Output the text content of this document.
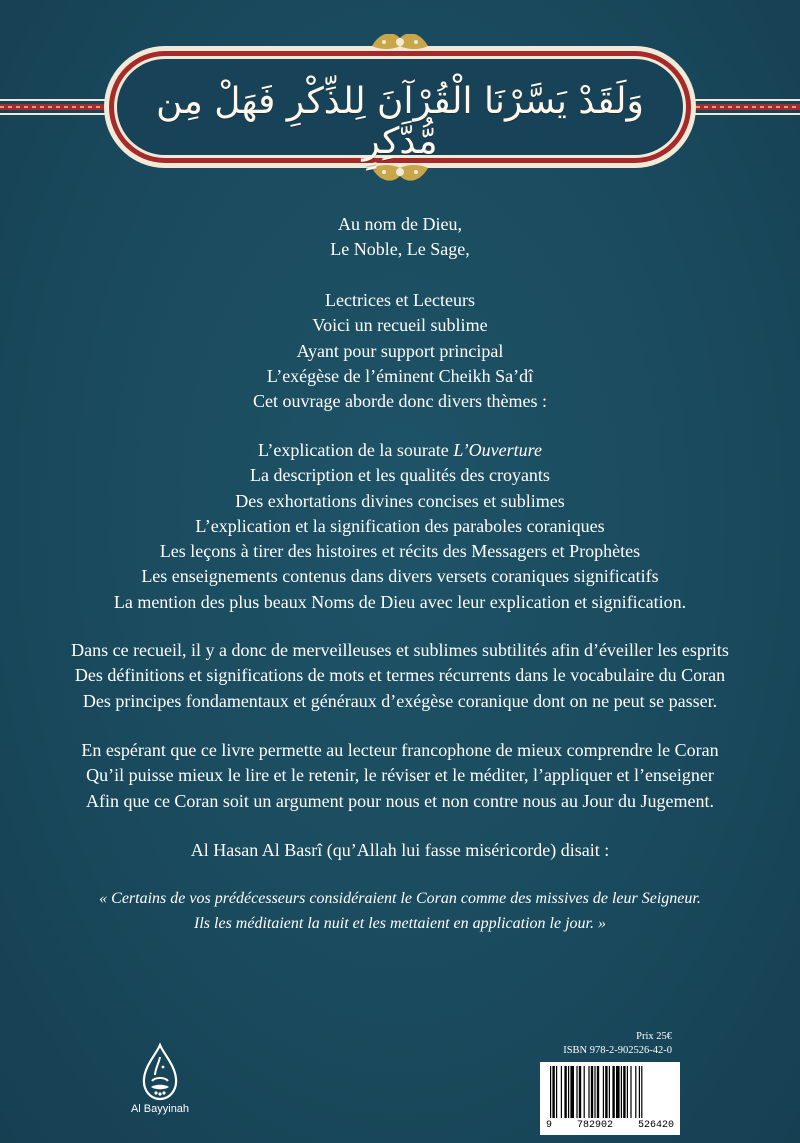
وَلَقَدْ يَسَّرْنَا الْقُرْآنَ لِلذِّكْرِ فَهَلْ مِن مُّدَّكِرٍ
Au nom de Dieu,
Le Noble, Le Sage,
Lectrices et Lecteurs
Voici un recueil sublime
Ayant pour support principal
L’exégèse de l’éminent Cheikh Sa’dî
Cet ouvrage aborde donc divers thèmes :
L’explication de la sourate L’Ouverture
La description et les qualités des croyants
Des exhortations divines concises et sublimes
L’explication et la signification des paraboles coraniques
Les leçons à tirer des histoires et récits des Messagers et Prophètes
Les enseignements contenus dans divers versets coraniques significatifs
La mention des plus beaux Noms de Dieu avec leur explication et signification.
Dans ce recueil, il y a donc de merveilleuses et sublimes subtilités afin d’éveiller les esprits
Des définitions et significations de mots et termes récurrents dans le vocabulaire du Coran
Des principes fondamentaux et généraux d’exégèse coranique dont on ne peut se passer.
En espérant que ce livre permette au lecteur francophone de mieux comprendre le Coran
Qu’il puisse mieux le lire et le retenir, le réviser et le méditer, l’appliquer et l’enseigner
Afin que ce Coran soit un argument pour nous et non contre nous au Jour du Jugement.
Al Hasan Al Basrî (qu’Allah lui fasse miséricorde) disait :
« Certains de vos prédécesseurs considéraient le Coran comme des missives de leur Seigneur.
Ils les méditaient la nuit et les mettaient en application le jour. »
Al Bayyinah
Prix 25€
ISBN 978-2-902526-42-0
9 782902 526420
